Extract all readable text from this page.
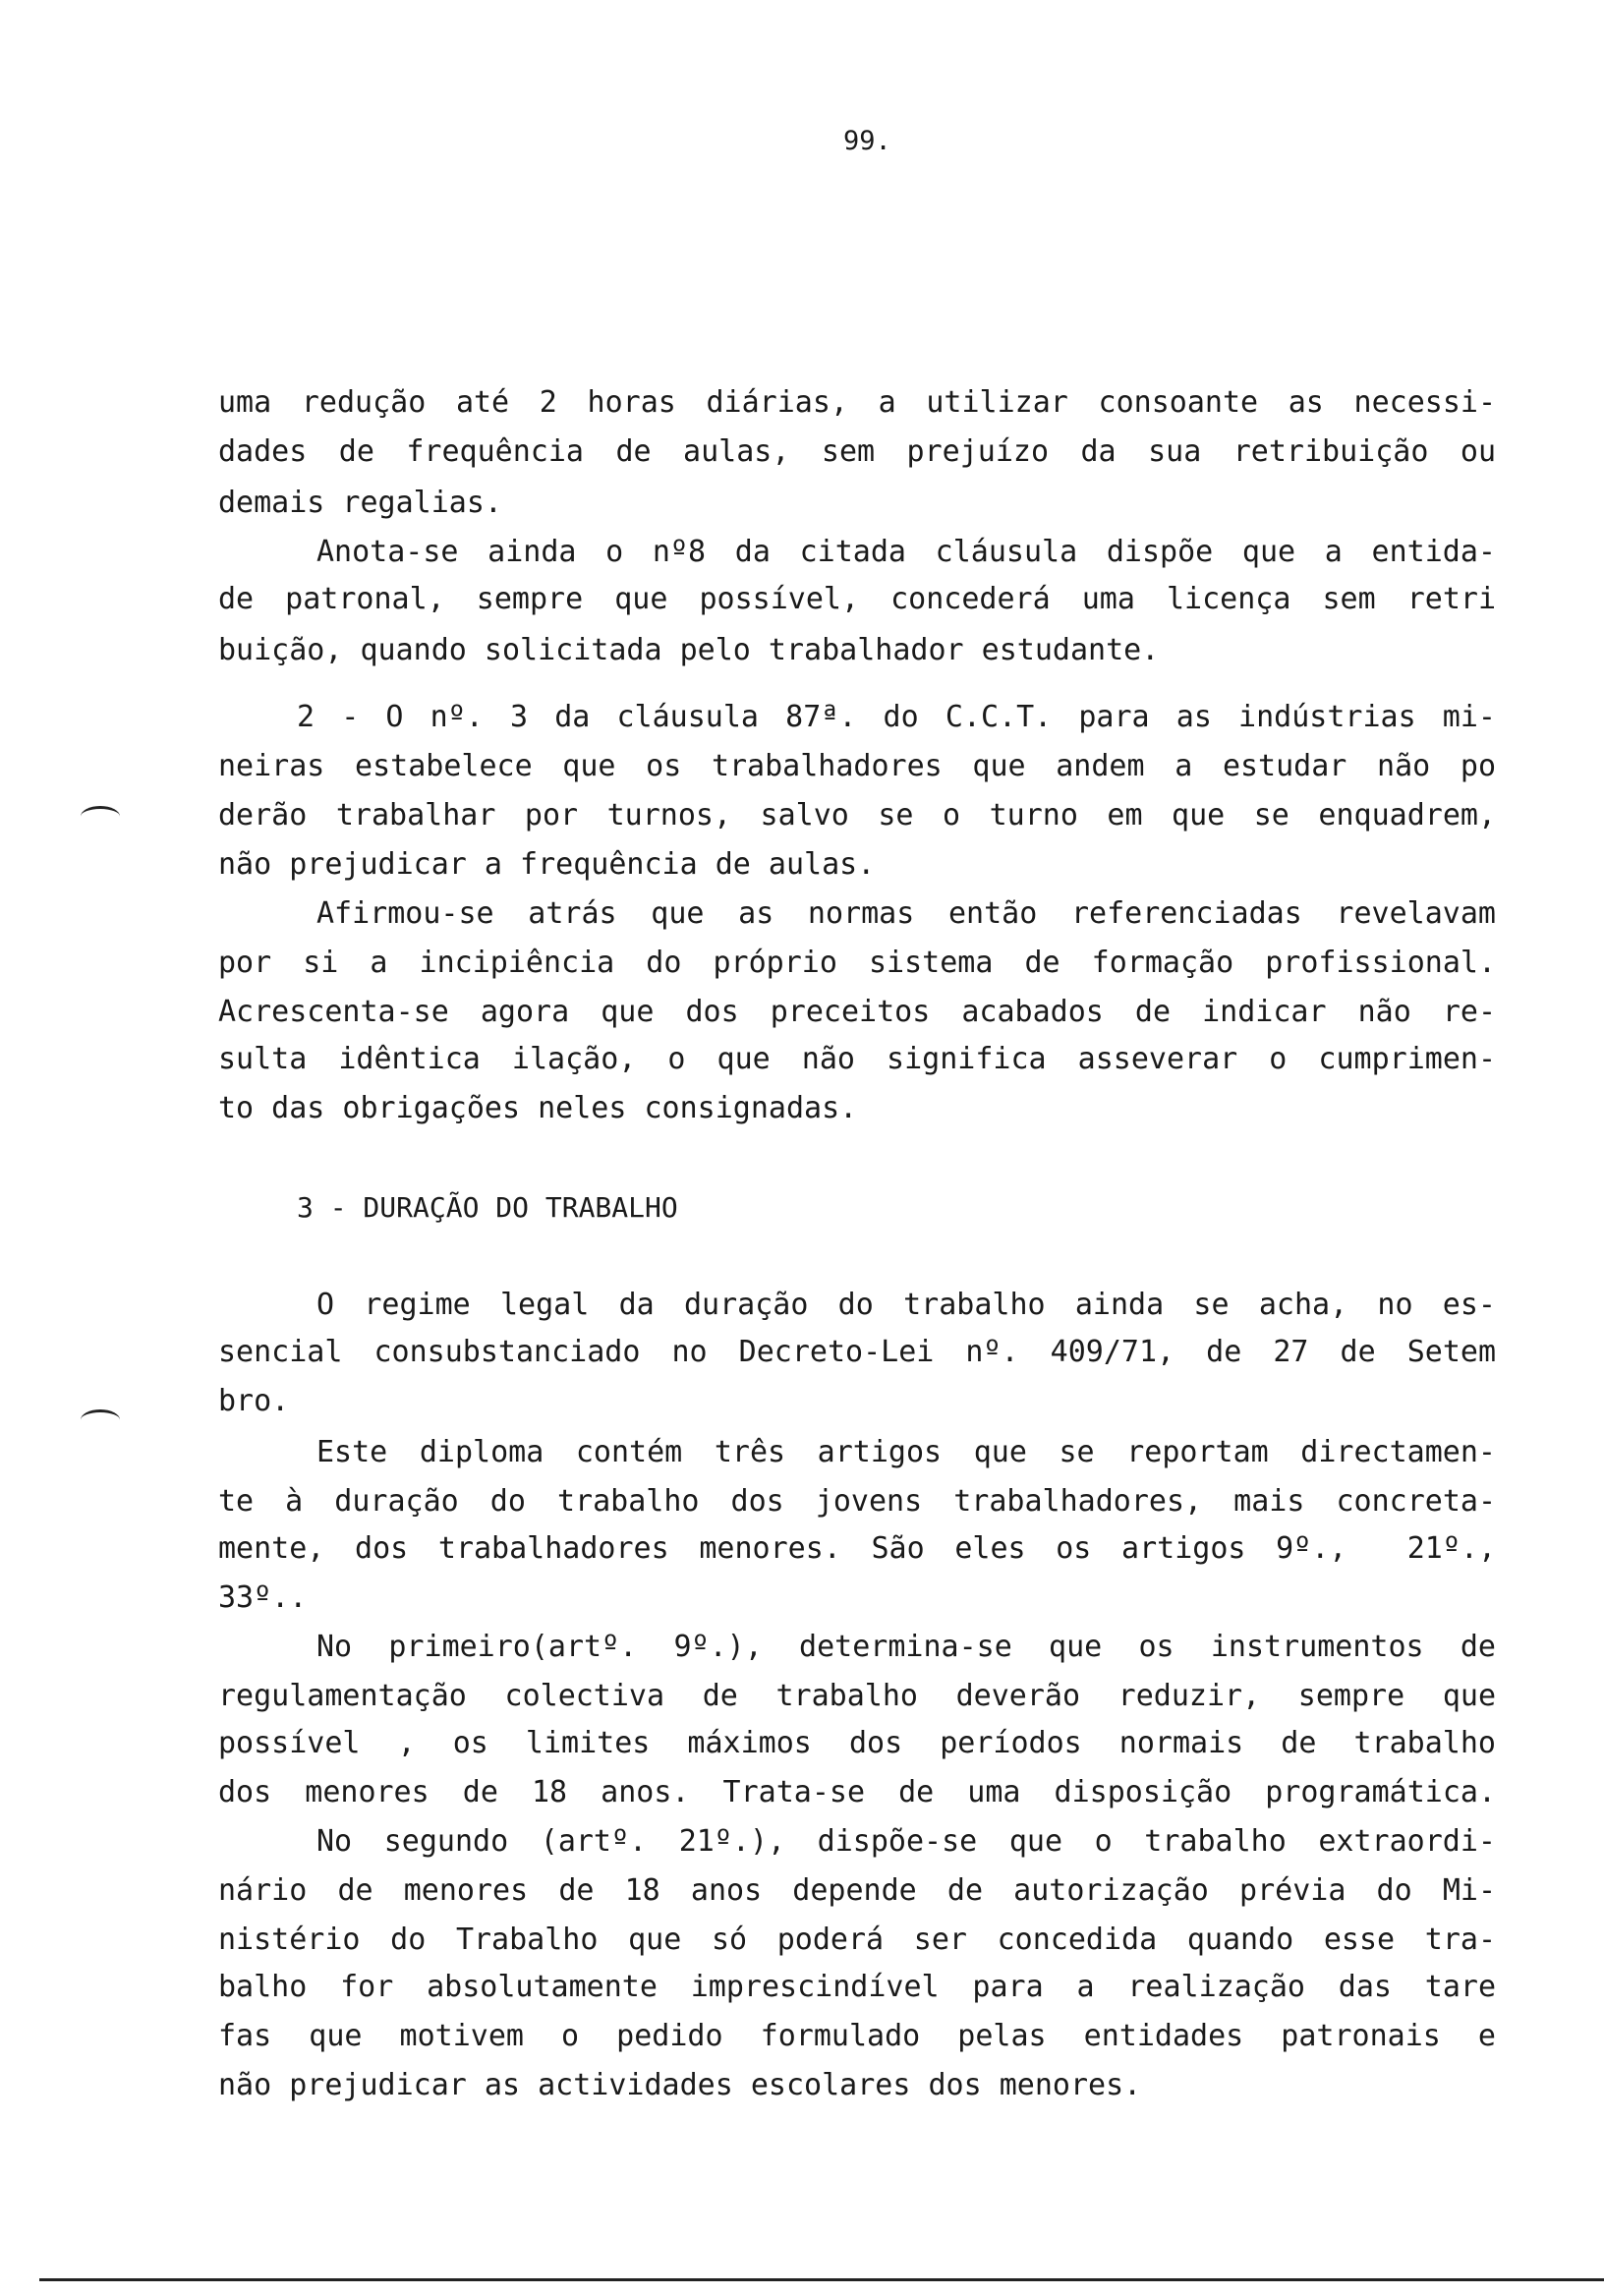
99.
uma redução até 2 horas diárias, a utilizar consoante as necessi-
dades de frequência de aulas, sem prejuízo da sua retribuição ou
demais regalias.
Anota-se ainda o nº8 da citada cláusula dispõe que a entida-
de patronal, sempre que possível, concederá uma licença sem retri
buição, quando solicitada pelo trabalhador estudante.
2 - O nº. 3 da cláusula 87ª. do C.C.T. para as indústrias mi-
neiras estabelece que os trabalhadores que andem a estudar não po
derão trabalhar por turnos, salvo se o turno em que se enquadrem,
não prejudicar a frequência de aulas.
Afirmou-se atrás que as normas então referenciadas revelavam
por si a incipiência do próprio sistema de formação profissional.
Acrescenta-se agora que dos preceitos acabados de indicar não re-
sulta idêntica ilação, o que não significa asseverar o cumprimen-
to das obrigações neles consignadas.
3 - DURAÇÃO DO TRABALHO
O regime legal da duração do trabalho ainda se acha, no es-
sencial consubstanciado no Decreto-Lei nº. 409/71, de 27 de Setem
bro.
Este diploma contém três artigos que se reportam directamen-
te à duração do trabalho dos jovens trabalhadores, mais concreta-
mente, dos trabalhadores menores. São eles os artigos 9º.,  21º.,
33º..
No primeiro(artº. 9º.), determina-se que os instrumentos de
regulamentação colectiva de trabalho deverão reduzir, sempre que
possível , os limites máximos dos períodos normais de trabalho
dos menores de 18 anos. Trata-se de uma disposição programática.
No segundo (artº. 21º.), dispõe-se que o trabalho extraordi-
nário de menores de 18 anos depende de autorização prévia do Mi-
nistério do Trabalho que só poderá ser concedida quando esse tra-
balho for absolutamente imprescindível para a realização das tare
fas que motivem o pedido formulado pelas entidades patronais e
não prejudicar as actividades escolares dos menores.
